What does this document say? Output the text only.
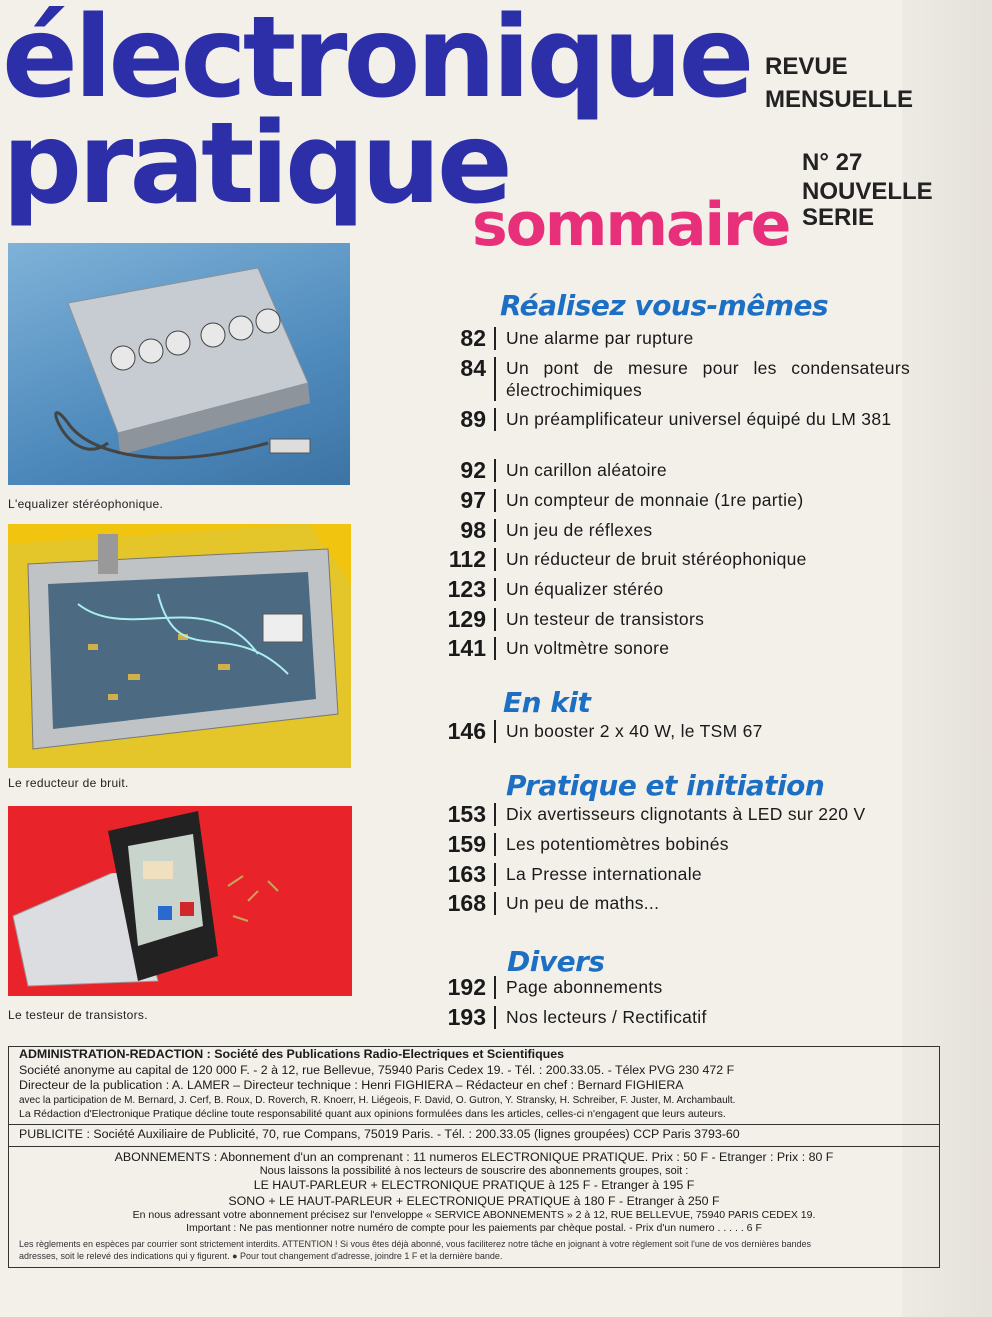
électronique
pratique
REVUE
MENSUELLE
N° 27
NOUVELLE
SERIE
sommaire
L'equalizer stéréophonique.
Le reducteur de bruit.
Le testeur de transistors.
Réalisez vous-mêmes
82	Une alarme par rupture
84	Un pont de mesure pour les condensateurs électrochimiques
89	Un préamplificateur universel équipé du LM 381
92	Un carillon aléatoire
97	Un compteur de monnaie (1re partie)
98	Un jeu de réflexes
112	Un réducteur de bruit stéréophonique
123	Un équalizer stéréo
129	Un testeur de transistors
141	Un voltmètre sonore
En kit
146	Un booster 2 x 40 W, le TSM 67
Pratique et initiation
153	Dix avertisseurs clignotants à LED sur 220 V
159	Les potentiomètres bobinés
163	La Presse internationale
168	Un peu de maths...
Divers
192	Page abonnements
193	Nos lecteurs / Rectificatif
ADMINISTRATION-REDACTION : Société des Publications Radio-Electriques et Scientifiques
Société anonyme au capital de 120 000 F. - 2 à 12, rue Bellevue, 75940 Paris Cedex 19. - Tél. : 200.33.05. - Télex PVG 230 472 F
Directeur de la publication : A. LAMER – Directeur technique : Henri FIGHIERA – Rédacteur en chef : Bernard FIGHIERA
avec la participation de M. Bernard, J. Cerf, B. Roux, D. Roverch, R. Knoerr, H. Liégeois, F. David, O. Gutron, Y. Stransky, H. Schreiber, F. Juster, M. Archambault.
La Rédaction d'Electronique Pratique décline toute responsabilité quant aux opinions formulées dans les articles, celles-ci n'engagent que leurs auteurs.
PUBLICITE : Société Auxiliaire de Publicité, 70, rue Compans, 75019 Paris. - Tél. : 200.33.05 (lignes groupées) CCP Paris 3793-60
ABONNEMENTS : Abonnement d'un an comprenant : 11 numeros ELECTRONIQUE PRATIQUE. Prix : 50 F - Etranger : Prix : 80 F
Nous laissons la possibilité à nos lecteurs de souscrire des abonnements groupes, soit :
LE HAUT-PARLEUR + ELECTRONIQUE PRATIQUE à 125 F - Etranger à 195 F
SONO + LE HAUT-PARLEUR + ELECTRONIQUE PRATIQUE à 180 F - Etranger à 250 F
En nous adressant votre abonnement précisez sur l'enveloppe « SERVICE ABONNEMENTS » 2 à 12, RUE BELLEVUE, 75940 PARIS CEDEX 19.
Important : Ne pas mentionner notre numéro de compte pour les paiements par chèque postal. - Prix d'un numero . . . . . 6 F
Les règlements en espèces par courrier sont strictement interdits. ATTENTION ! Si vous êtes déjà abonné, vous faciliterez notre tâche en joignant à votre règlement soit l'une de vos dernières bandes
adresses, soit le relevé des indications qui y figurent. ● Pour tout changement d'adresse, joindre 1 F et la dernière bande.
